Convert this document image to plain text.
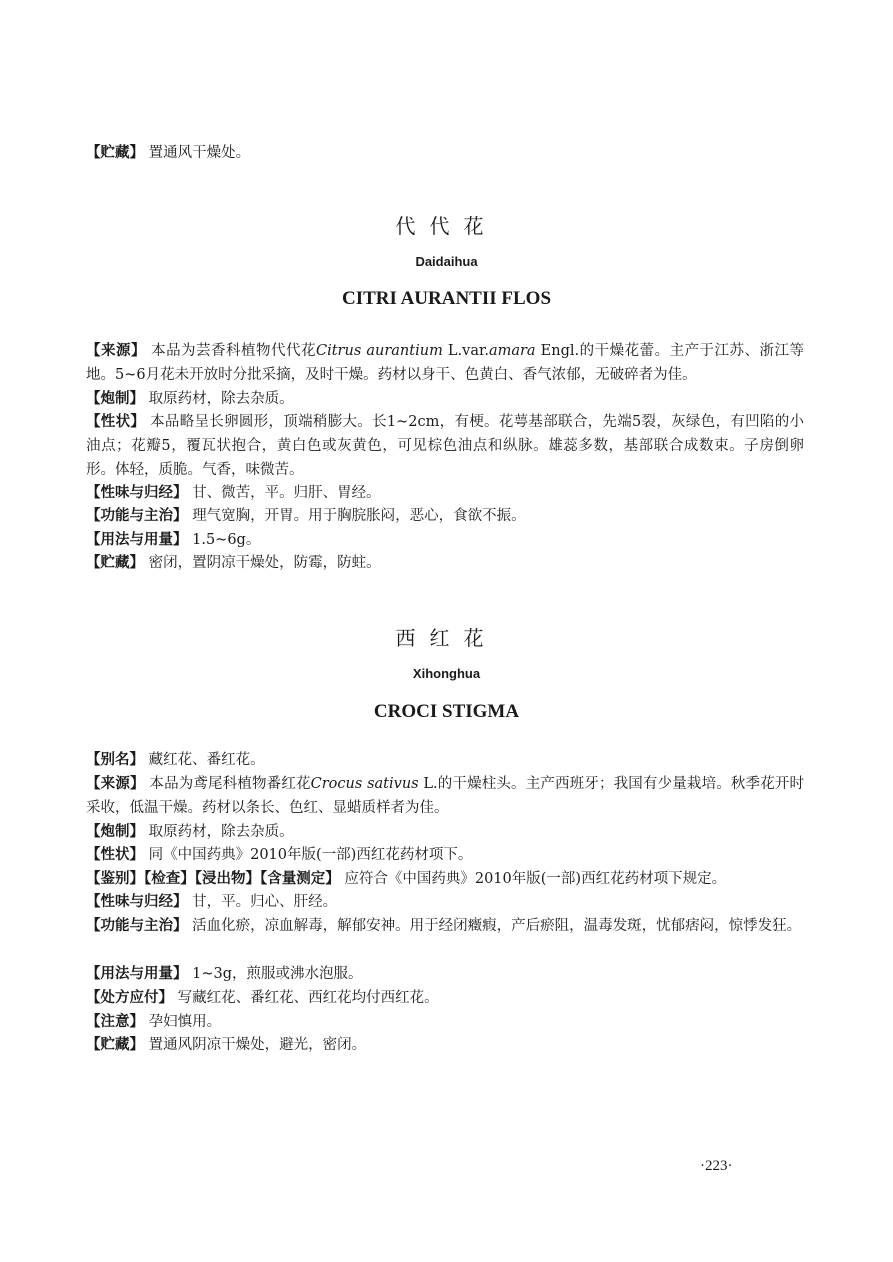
【贮藏】 置通风干燥处。

代代花
Daidaihua
CITRI AURANTII FLOS

【来源】 本品为芸香科植物代代花Citrus aurantium L.var.amara Engl.的干燥花蕾。主产于江苏、浙江等地。5~6月花未开放时分批采摘，及时干燥。药材以身干、色黄白、香气浓郁，无破碎者为佳。

【炮制】 取原药材，除去杂质。

【性状】 本品略呈长卵圆形，顶端稍膨大。长1~2cm，有梗。花萼基部联合，先端5裂，灰绿色，有凹陷的小油点；花瓣5，覆瓦状抱合，黄白色或灰黄色，可见棕色油点和纵脉。雄蕊多数，基部联合成数束。子房倒卵形。体轻，质脆。气香，味微苦。

【性味与归经】 甘、微苦，平。归肝、胃经。

【功能与主治】 理气宽胸，开胃。用于胸脘胀闷，恶心，食欲不振。

【用法与用量】 1.5~6g。

【贮藏】 密闭，置阴凉干燥处，防霉，防蛀。

西红花
Xihonghua
CROCI STIGMA

【别名】 藏红花、番红花。

【来源】 本品为鸢尾科植物番红花Crocus sativus L.的干燥柱头。主产西班牙；我国有少量栽培。秋季花开时采收，低温干燥。药材以条长、色红、显蜡质样者为佳。

【炮制】 取原药材，除去杂质。

【性状】 同《中国药典》2010年版(一部)西红花药材项下。

【鉴别】【检查】【浸出物】【含量测定】 应符合《中国药典》2010年版(一部)西红花药材项下规定。

【性味与归经】 甘，平。归心、肝经。

【功能与主治】 活血化瘀，凉血解毒，解郁安神。用于经闭癥瘕，产后瘀阻，温毒发斑，忧郁痞闷，惊悸发狂。

【用法与用量】 1~3g，煎服或沸水泡服。

【处方应付】 写藏红花、番红花、西红花均付西红花。

【注意】 孕妇慎用。

【贮藏】 置通风阴凉干燥处，避光，密闭。

·223·
